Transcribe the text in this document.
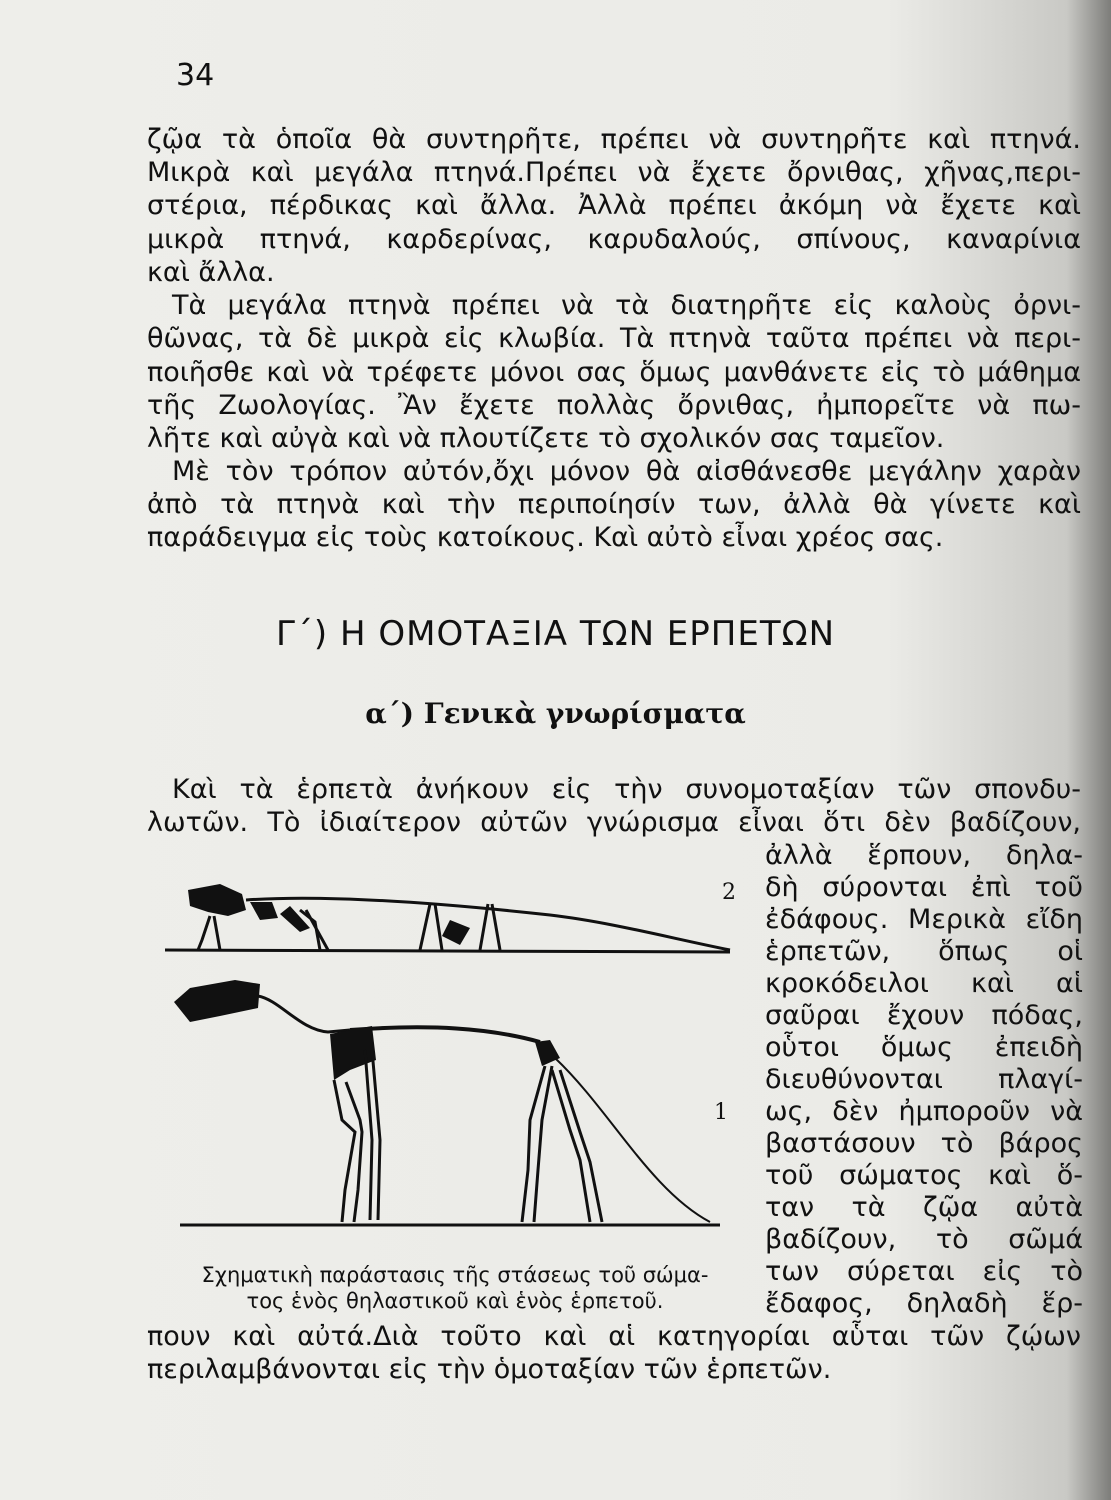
34
ζῷα τὰ ὁποῖα θὰ συντηρῆτε, πρέπει νὰ συντηρῆτε καὶ πτηνά.
Μικρὰ καὶ μεγάλα πτηνά.Πρέπει νὰ ἔχετε ὄρνιθας, χῆνας,περι-
στέρια, πέρδικας καὶ ἄλλα. Ἀλλὰ πρέπει ἀκόμη νὰ ἔχετε καὶ
μικρὰ πτηνά, καρδερίνας, καρυδαλούς, σπίνους, καναρίνια
καὶ ἄλλα.
Τὰ μεγάλα πτηνὰ πρέπει νὰ τὰ διατηρῆτε εἰς καλοὺς ὀρνι-
θῶνας, τὰ δὲ μικρὰ εἰς κλωβία. Τὰ πτηνὰ ταῦτα πρέπει νὰ περι-
ποιῆσθε καὶ νὰ τρέφετε μόνοι σας ὅμως μανθάνετε εἰς τὸ μάθημα
τῆς Ζωολογίας. Ἂν ἔχετε πολλὰς ὄρνιθας, ἠμπορεῖτε νὰ πω-
λῆτε καὶ αὐγὰ καὶ νὰ πλουτίζετε τὸ σχολικόν σας ταμεῖον.
Μὲ τὸν τρόπον αὐτόν,ὄχι μόνον θὰ αἰσθάνεσθε μεγάλην χαρὰν
ἀπὸ τὰ πτηνὰ καὶ τὴν περιποίησίν των, ἀλλὰ θὰ γίνετε καὶ
παράδειγμα εἰς τοὺς κατοίκους. Καὶ αὐτὸ εἶναι χρέος σας.
Γ΄) Η ΟΜΟΤΑΞΙΑ ΤΩΝ ΕΡΠΕΤΩΝ
α΄) Γενικὰ γνωρίσματα
Καὶ τὰ ἑρπετὰ ἀνήκουν εἰς τὴν συνομοταξίαν τῶν σπονδυ-
λωτῶν. Τὸ ἰδιαίτερον αὐτῶν γνώρισμα εἶναι ὅτι δὲν βαδίζουν,
ἀλλὰ ἕρπουν, δηλα-
δὴ σύρονται ἐπὶ τοῦ
ἐδάφους. Μερικὰ εἴδη
ἑρπετῶν, ὅπως οἱ
κροκόδειλοι καὶ αἱ
σαῦραι ἔχουν πόδας,
οὗτοι ὅμως ἐπειδὴ
διευθύνονται πλαγί-
ως, δὲν ἠμποροῦν νὰ
βαστάσουν τὸ βάρος
τοῦ σώματος καὶ ὅ-
ταν τὰ ζῷα αὐτὰ
βαδίζουν, τὸ σῶμά
των σύρεται εἰς τὸ
ἔδαφος, δηλαδὴ ἕρ-
πουν καὶ αὐτά.Διὰ τοῦτο καὶ αἱ κατηγορίαι αὗται τῶν ζῴων
περιλαμβάνονται εἰς τὴν ὁμοταξίαν τῶν ἑρπετῶν.
2
1
Σχηματικὴ παράστασις τῆς στάσεως τοῦ σώμα-
τος ἑνὸς θηλαστικοῦ καὶ ἑνὸς ἑρπετοῦ.
